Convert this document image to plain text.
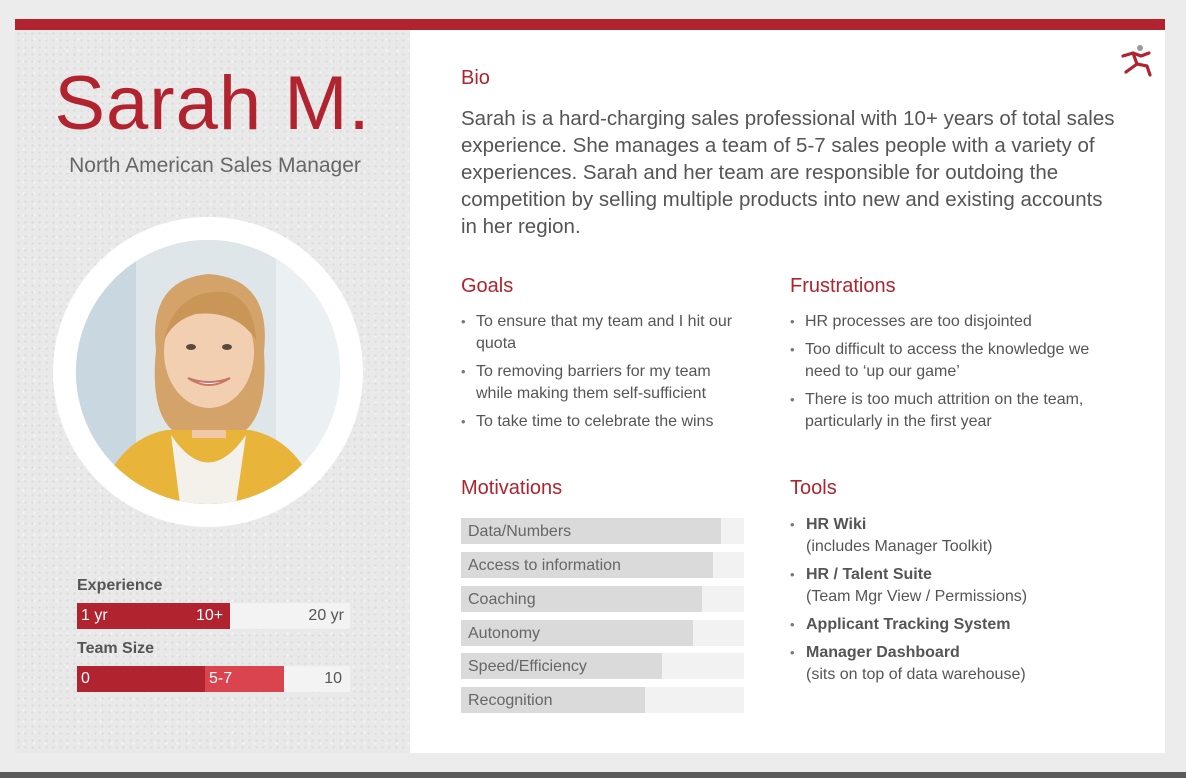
Sarah M.
North American Sales Manager
Experience
1 yr	10+	20 yr
Team Size
0	5-7	10
Bio
Sarah is a hard-charging sales professional with 10+ years of total sales experience. She manages a team of 5-7 sales people with a variety of experiences. Sarah and her team are responsible for outdoing the competition by selling multiple products into new and existing accounts in her region.
Goals
• To ensure that my team and I hit our quota
• To removing barriers for my team while making them self-sufficient
• To take time to celebrate the wins
Frustrations
• HR processes are too disjointed
• Too difficult to access the knowledge we need to ‘up our game’
• There is too much attrition on the team, particularly in the first year
Motivations
Data/Numbers
Access to information
Coaching
Autonomy
Speed/Efficiency
Recognition
Tools
• HR Wiki
(includes Manager Toolkit)
• HR / Talent Suite
(Team Mgr View / Permissions)
• Applicant Tracking System
• Manager Dashboard
(sits on top of data warehouse)
